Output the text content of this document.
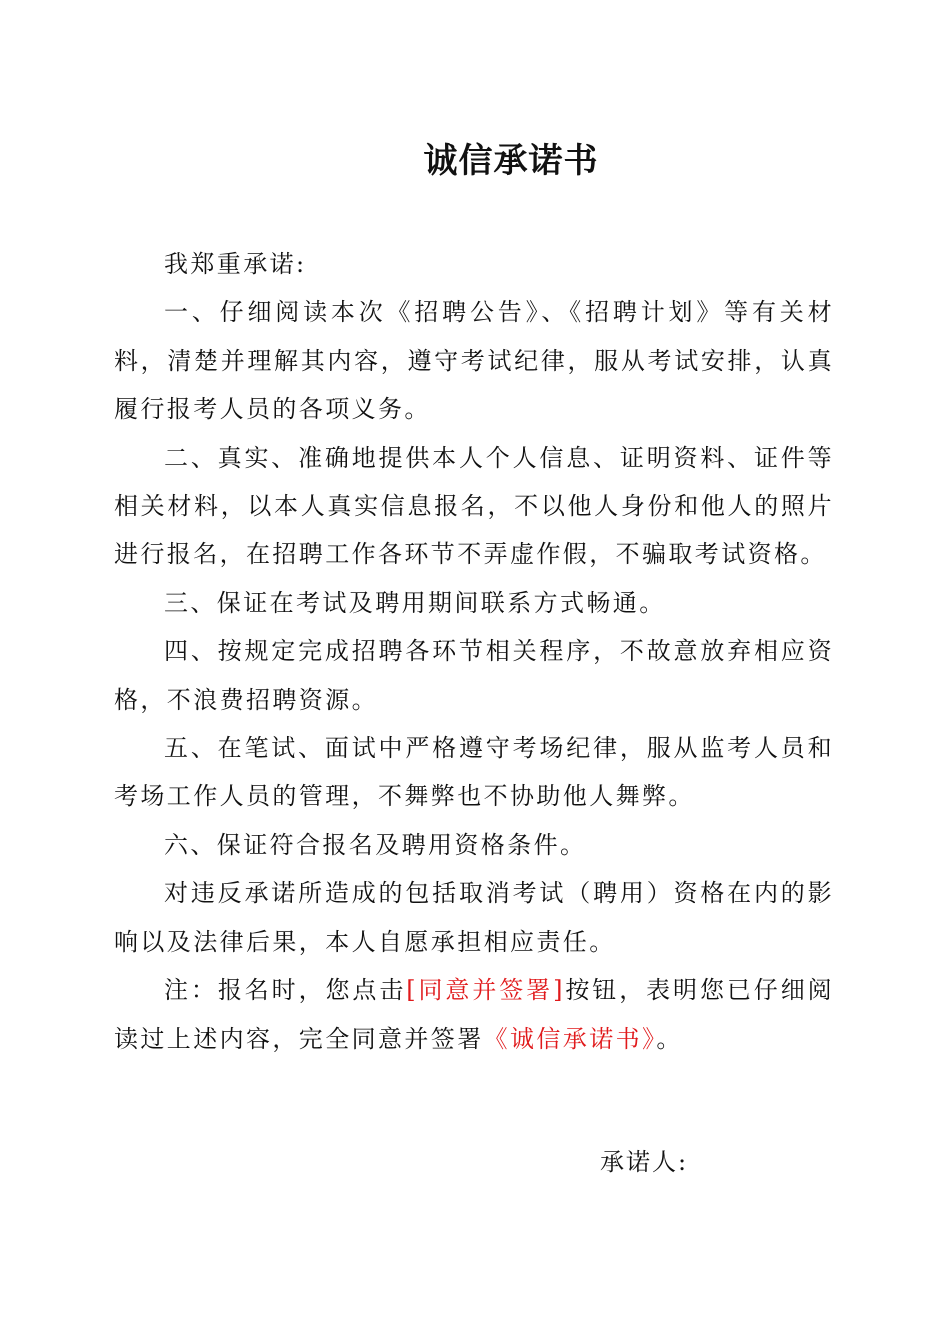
诚信承诺书

我郑重承诺:

一、仔细阅读本次《招聘公告》、《招聘计划》等有关材料，清楚并理解其内容，遵守考试纪律，服从考试安排，认真履行报考人员的各项义务。

二、真实、准确地提供本人个人信息、证明资料、证件等相关材料，以本人真实信息报名，不以他人身份和他人的照片进行报名，在招聘工作各环节不弄虚作假，不骗取考试资格。

三、保证在考试及聘用期间联系方式畅通。

四、按规定完成招聘各环节相关程序，不故意放弃相应资格，不浪费招聘资源。

五、在笔试、面试中严格遵守考场纪律，服从监考人员和考场工作人员的管理，不舞弊也不协助他人舞弊。

六、保证符合报名及聘用资格条件。

对违反承诺所造成的包括取消考试（聘用）资格在内的影响以及法律后果，本人自愿承担相应责任。

注：报名时，您点击[同意并签署]按钮，表明您已仔细阅读过上述内容，完全同意并签署《诚信承诺书》。

承诺人:
